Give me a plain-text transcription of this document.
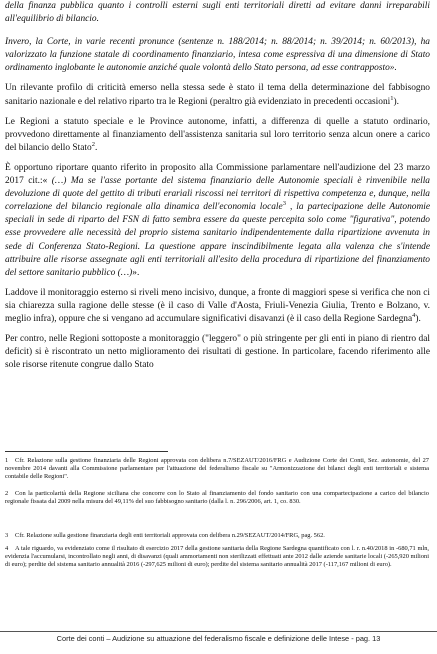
della finanza pubblica quanto i controlli esterni sugli enti territoriali diretti ad evitare danni irreparabili all'equilibrio di bilancio.

Invero, la Corte, in varie recenti pronunce (sentenze n. 188/2014; n. 88/2014; n. 39/2014; n. 60/2013), ha valorizzato la funzione statale di coordinamento finanziario, intesa come espressiva di una dimensione di Stato ordinamento inglobante le autonomie anziché quale volontà dello Stato persona, ad esse contrapposto».

Un rilevante profilo di criticità emerso nella stessa sede è stato il tema della determinazione del fabbisogno sanitario nazionale e del relativo riparto tra le Regioni (peraltro già evidenziato in precedenti occasioni$^1$).

Le Regioni a statuto speciale e le Province autonome, infatti, a differenza di quelle a statuto ordinario, provvedono direttamente al finanziamento dell'assistenza sanitaria sul loro territorio senza alcun onere a carico del bilancio dello Stato$^2$.

È opportuno riportare quanto riferito in proposito alla Commissione parlamentare nell'audizione del 23 marzo 2017 cit.:« (…) Ma se l'asse portante del sistema finanziario delle Autonomie speciali è rinvenibile nella devoluzione di quote del gettito di tributi erariali riscossi nei territori di rispettiva competenza e, dunque, nella correlazione del bilancio regionale alla dinamica dell'economia locale$^3$ , la partecipazione delle Autonomie speciali in sede di riparto del FSN di fatto sembra essere da queste percepita solo come "figurativa", potendo esse provvedere alle necessità del proprio sistema sanitario indipendentemente dalla ripartizione avvenuta in sede di Conferenza Stato-Regioni. La questione appare inscindibilmente legata alla valenza che s'intende attribuire alle risorse assegnate agli enti territoriali all'esito della procedura di ripartizione del finanziamento del settore sanitario pubblico (…)».

Laddove il monitoraggio esterno si riveli meno incisivo, dunque, a fronte di maggiori spese si verifica che non ci sia chiarezza sulla ragione delle stesse (è il caso di Valle d'Aosta, Friuli-Venezia Giulia, Trento e Bolzano, v. meglio infra), oppure che si vengano ad accumulare significativi disavanzi (è il caso della Regione Sardegna$^4$).

Per contro, nelle Regioni sottoposte a monitoraggio ("leggero" o più stringente per gli enti in piano di rientro dal deficit) si è riscontrato un netto miglioramento dei risultati di gestione. In particolare, facendo riferimento alle sole risorse ritenute congrue dallo Stato

1 Cfr. Relazione sulla gestione finanziaria delle Regioni approvata con delibera n.7/SEZAUT/2016/FRG e Audizione Corte dei Conti, Sez. autonomie, del 27 novembre 2014 davanti alla Commissione parlamentare per l'attuazione del federalismo fiscale su "Armonizzazione dei bilanci degli enti territoriali e sistema contabile delle Regioni".

2 Con la particolarità della Regione siciliana che concorre con lo Stato al finanziamento del fondo sanitario con una compartecipazione a carico del bilancio regionale fissata dal 2009 nella misura del 49,11% del suo fabbisogno sanitario (dalla l. n. 296/2006, art. 1, co. 830.

3 Cfr. Relazione sulla gestione finanziaria degli enti territoriali approvata con delibera n.29/SEZAUT/2014/FRG, pag. 562.

4 A tale riguardo, va evidenziato come il risultato di esercizio 2017 della gestione sanitaria della Regione Sardegna quantificato con l. r. n.40/2018 in -680,71 mln, evidenzia l'accumularsi, incontrollato negli anni, di disavanzi (quali ammortamenti non sterilizzati effettuati ante 2012 dalle aziende sanitarie locali (-265,920 milioni di euro); perdite del sistema sanitario annualità 2016 (-297,625 milioni di euro); perdite del sistema sanitario annualità 2017 (-117,167 milioni di euro).

Corte dei conti – Audizione su attuazione del federalismo fiscale e definizione delle Intese - pag. 13
